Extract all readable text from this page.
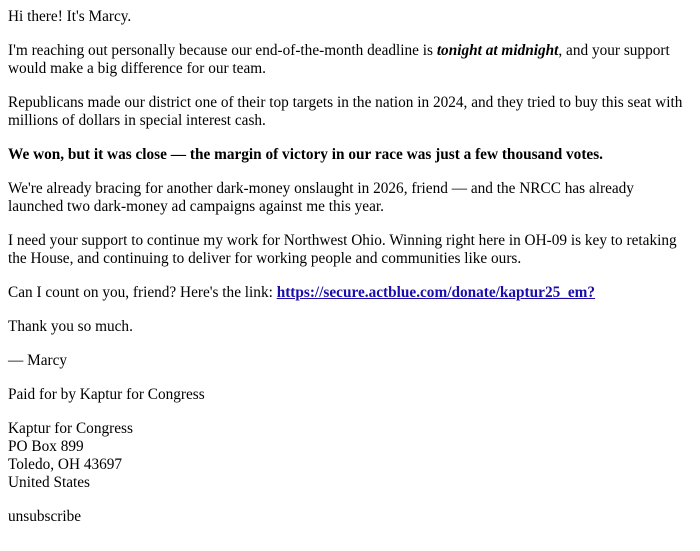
Hi there! It's Marcy.

I'm reaching out personally because our end-of-the-month deadline is tonight at midnight, and your support would make a big difference for our team.

Republicans made our district one of their top targets in the nation in 2024, and they tried to buy this seat with millions of dollars in special interest cash.

We won, but it was close — the margin of victory in our race was just a few thousand votes.

We're already bracing for another dark-money onslaught in 2026, friend — and the NRCC has already launched two dark-money ad campaigns against me this year.

I need your support to continue my work for Northwest Ohio. Winning right here in OH-09 is key to retaking the House, and continuing to deliver for working people and communities like ours.

Can I count on you, friend? Here's the link: https://secure.actblue.com/donate/kaptur25_em?

Thank you so much.

— Marcy

Paid for by Kaptur for Congress

Kaptur for Congress
PO Box 899
Toledo, OH 43697
United States

unsubscribe
